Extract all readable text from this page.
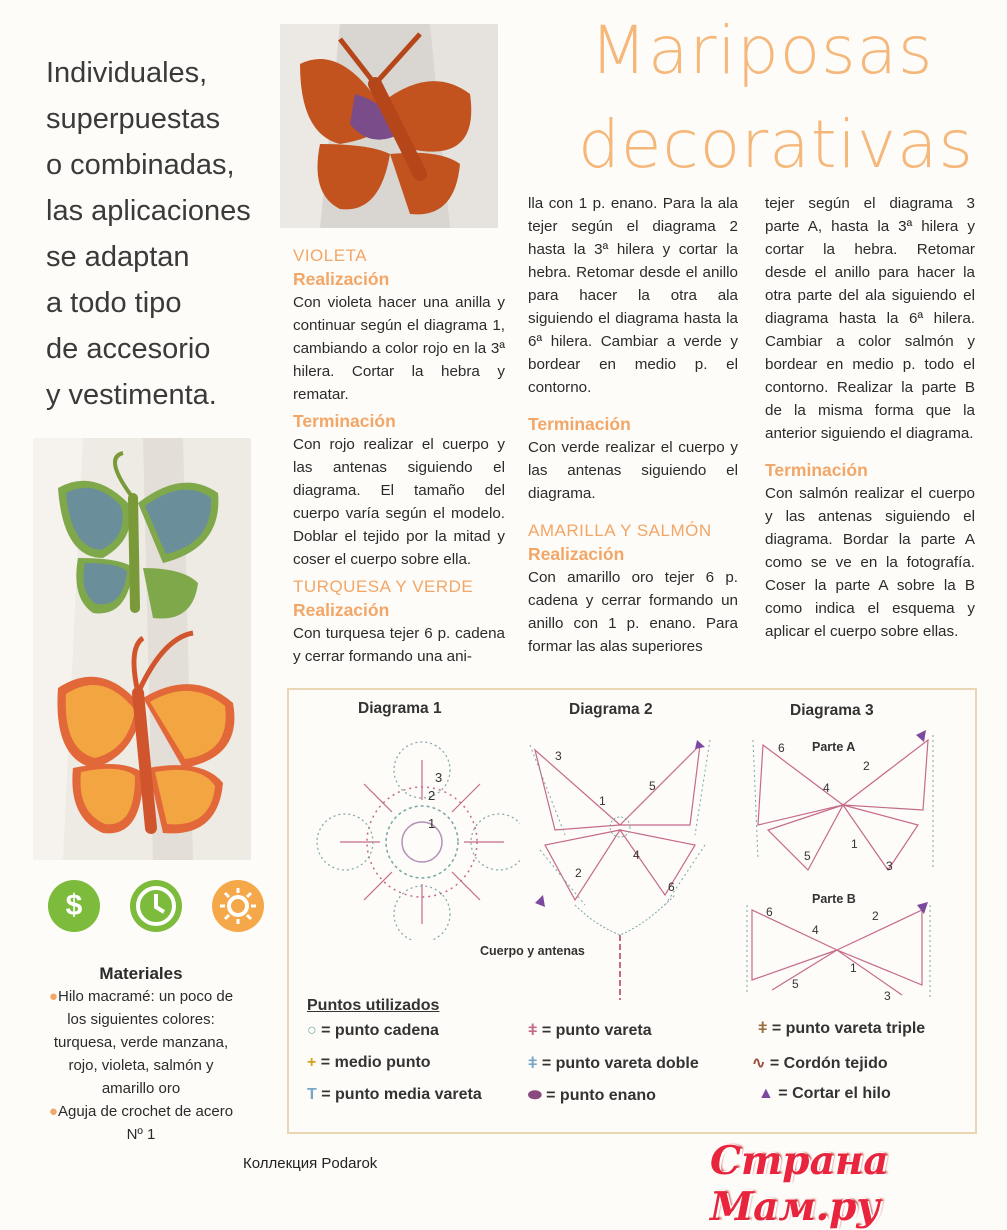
Individuales,
superpuestas
o combinadas,
las aplicaciones
se adaptan
a todo tipo
de accesorio
y vestimenta.
Mariposas
decorativas
$
Materiales
●Hilo macramé: un poco de los siguientes colores: turquesa, verde manzana, rojo, violeta, salmón y amarillo oro
●Aguja de crochet de acero Nº 1
VIOLETA
Realización

Con violeta hacer una anilla y continuar según el diagrama 1, cambiando a color rojo en la 3ª hilera. Cortar la hebra y rematar.

Terminación

Con rojo realizar el cuerpo y las antenas siguiendo el diagrama. El tamaño del cuerpo varía según el modelo. Doblar el tejido por la mitad y coser el cuerpo sobre ella.

TURQUESA Y VERDE
Realización

Con turquesa tejer 6 p. cadena y cerrar formando una ani-

lla con 1 p. enano. Para la ala tejer según el diagrama 2 hasta la 3ª hilera y cortar la hebra. Retomar desde el anillo para hacer la otra ala siguiendo el diagrama hasta la 6ª hilera. Cambiar a verde y bordear en medio p. el contorno.

Terminación

Con verde realizar el cuerpo y las antenas siguiendo el diagrama.

AMARILLA Y SALMÓN
Realización

Con amarillo oro tejer 6 p. cadena y cerrar formando un anillo con 1 p. enano. Para formar las alas superiores

tejer según el diagrama 3 parte A, hasta la 3ª hilera y cortar la hebra. Retomar desde el anillo para hacer la otra parte del ala siguiendo el diagrama hasta la 6ª hilera. Cambiar a color salmón y bordear en medio p. todo el contorno. Realizar la parte B de la misma forma que la anterior siguiendo el diagrama.

Terminación

Con salmón realizar el cuerpo y las antenas siguiendo el diagrama. Bordar la parte A como se ve en la fotografía. Coser la parte A sobre la B como indica el esquema y aplicar el cuerpo sobre ellas.

Diagrama 1	Diagrama 2	Diagrama 3
3
2
1
3
5
1
4
2
6
Cuerpo y antenas
6
2
4
1
5
3
Parte A
6	2
4
1
5
3
Parte B
Puntos utilizados
○ = punto cadena
+ = medio punto
T = punto media vareta
ǂ = punto vareta
ǂ = punto vareta doble
⬬ = punto enano
ǂ = punto vareta triple
∿ = Cordón tejido
▲ = Cortar el hilo
Коллекция Podarok	Страна Мам.ру
